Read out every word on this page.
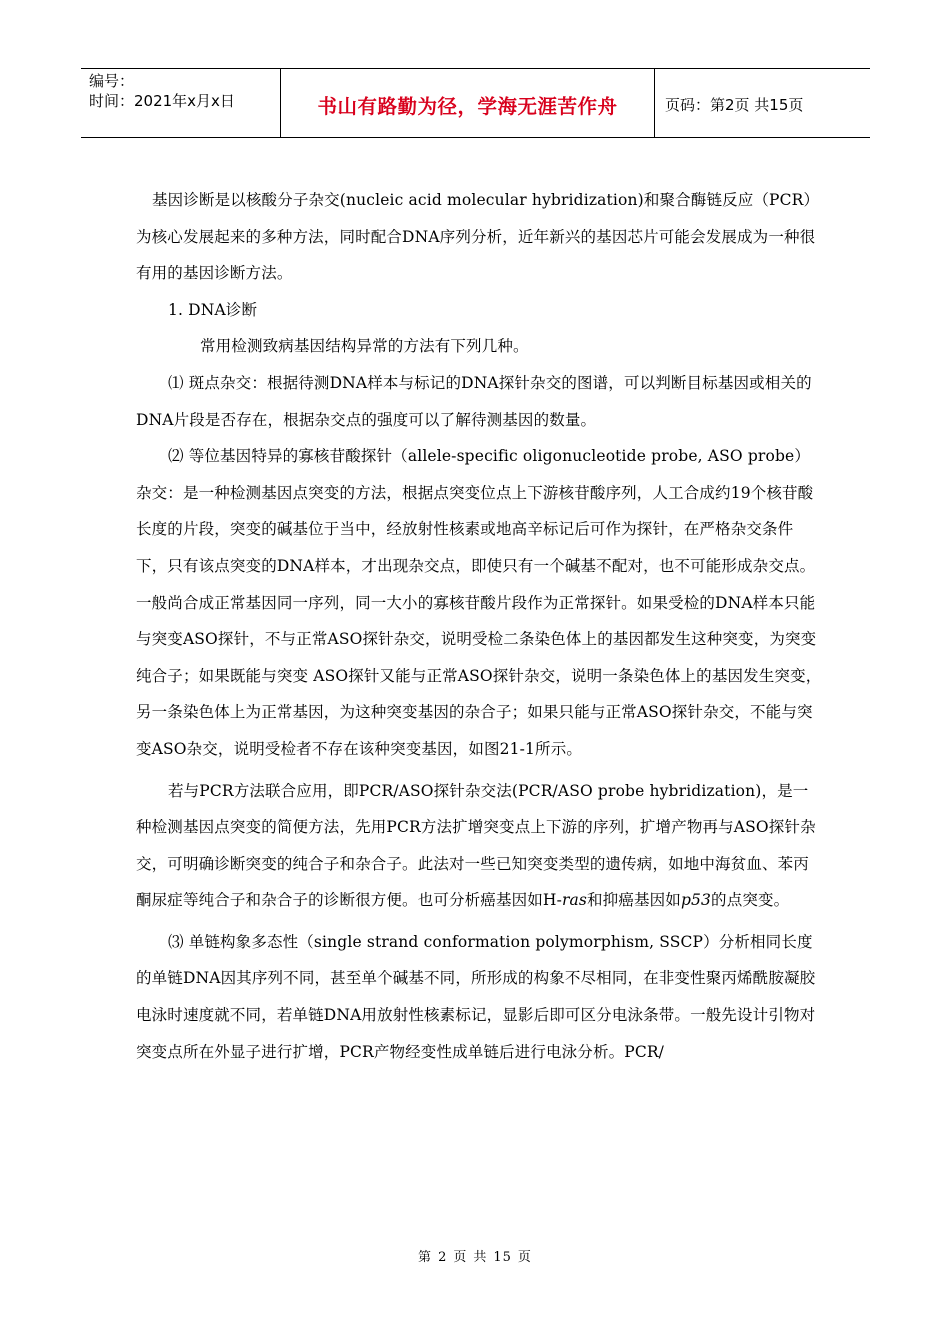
编号：
时间：2021年x月x日	书山有路勤为径，学海无涯苦作舟	页码：第2页 共15页

基因诊断是以核酸分子杂交(nucleic acid molecular hybridization)和聚合酶链反应（PCR）为核心发展起来的多种方法，同时配合DNA序列分析，近年新兴的基因芯片可能会发展成为一种很有用的基因诊断方法。

1. DNA诊断

常用检测致病基因结构异常的方法有下列几种。

⑴ 斑点杂交：根据待测DNA样本与标记的DNA探针杂交的图谱，可以判断目标基因或相关的DNA片段是否存在，根据杂交点的强度可以了解待测基因的数量。

⑵ 等位基因特异的寡核苷酸探针（allele-specific oligonucleotide probe, ASO probe）杂交：是一种检测基因点突变的方法，根据点突变位点上下游核苷酸序列，人工合成约19个核苷酸长度的片段，突变的碱基位于当中，经放射性核素或地高辛标记后可作为探针，在严格杂交条件下，只有该点突变的DNA样本，才出现杂交点，即使只有一个碱基不配对，也不可能形成杂交点。一般尚合成正常基因同一序列，同一大小的寡核苷酸片段作为正常探针。如果受检的DNA样本只能与突变ASO探针，不与正常ASO探针杂交，说明受检二条染色体上的基因都发生这种突变，为突变纯合子；如果既能与突变 ASO探针又能与正常ASO探针杂交，说明一条染色体上的基因发生突变，另一条染色体上为正常基因，为这种突变基因的杂合子；如果只能与正常ASO探针杂交，不能与突变ASO杂交，说明受检者不存在该种突变基因，如图21-1所示。

若与PCR方法联合应用，即PCR/ASO探针杂交法(PCR/ASO probe hybridization)，是一种检测基因点突变的简便方法，先用PCR方法扩增突变点上下游的序列，扩增产物再与ASO探针杂交，可明确诊断突变的纯合子和杂合子。此法对一些已知突变类型的遗传病，如地中海贫血、苯丙酮尿症等纯合子和杂合子的诊断很方便。也可分析癌基因如H-ras和抑癌基因如p53的点突变。

⑶ 单链构象多态性（single strand conformation polymorphism, SSCP）分析相同长度的单链DNA因其序列不同，甚至单个碱基不同，所形成的构象不尽相同，在非变性聚丙烯酰胺凝胶电泳时速度就不同，若单链DNA用放射性核素标记，显影后即可区分电泳条带。一般先设计引物对突变点所在外显子进行扩增，PCR产物经变性成单链后进行电泳分析。PCR/

第 2 页 共 15 页
